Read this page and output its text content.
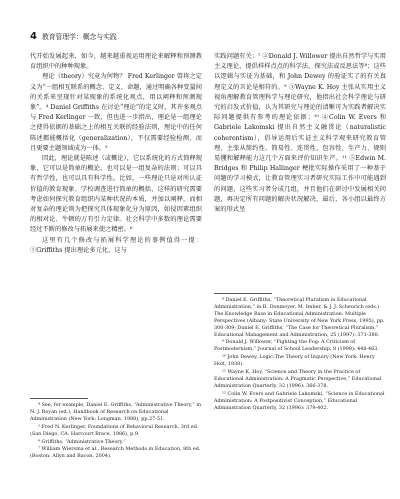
4 教育管理学：概念与实践

代开始发展起来，如今，越来越重视运用理论来解释和预测教育组织中的种种现象。

理论（theory）究竟为何物？ Fred Kerlinger 曾将之定义为“一组相互联系的概念、定义、命题，通过明确各种变量间的关系来呈现针对某现象的系统化观点，用以阐释和预测现象”。⁴ Daniel Griffiths 在讨论“理论”的定义时，其许多观点与 Fred Kerlinger 一致，但也进一步指出，理论是一组理论之使得依据的基础之上的相互关联的经验法则，理论中的任何陈述都能概括化（generalization），不仅需要经验检测，而且更要主题领域成为一体。⁵

因此，理论就是陈述（或概论），它以系统化的方式简释现象，它可以是简单的概论，也可以是一组复杂的法则；可以具有哲学性，也可以具有科学性。比如，一些理论只是对所认证价值的教育现象、学校调查进行简单的概括，这样的研究需要考虑如何探究教育组织内某种状况的本质，并加以阐释，而相对复杂的理论则为把探究具体现象化分为原因，如侵因素组织的相对论、牛顿的万有引力定律。社会科学中多数的理论需要经过不断的修改与拓展来使之精密。⁶

这里有几个修改与拓展科学理论的事例值得一提：①Griffiths 提出理论多元化，这与

实践问题有关；⁷ ②Donald J. Willower 提出自然哲学与实用主义理论，提倡样样点点的科学法，探究法或反思法等⁸；这些以逻辑与实证为基础，和 John Dewey 的验证实了的有关真理定义的言论是相符的。⁹ ③Wayne K. Hoy 主张从实用主义视角理解教育管理科学与理论研究，他指出社会科学理论与研究的启发式价值，认为其研究与理论的清晰可为实践者解决实际问题提供有参考的理论依据；¹⁰ ④Colin W. Evers 和 Gabriele Lakomski 提出自然主义融贯论（naturalistic coherentism），倡导运用后实证主义科学观来研究教育管理，主张从简约性、简易性、连贯性、包容性、生产力、规则易懂和解释能力这几个方面来评价知识生产。¹¹ ⑤Edwin M. Bridges 和 Philip Hallinger 梗批实际操作采用了一种基于问题的学习模式，让教育管理实习者研究实际工作中可能遇到的问题，这些实习者分成几组，并且他们在研讨中发展相关问题，再决定所有问题的解决状况解决，最后，各小组以最终方案的形式呈

⁴ See, for example, Daniel E. Griffiths, “Administrative Theory,” in N. J. Boyan (ed.), Handbook of Research on Educational Administration (New York: Longman, 1988), pp.27-51.

⁵ Fred N. Kerlinger, Foundations of Behavioral Research, 3rd ed. (San Diego, CA: Harcourt Brace, 1986), p.9.

⁶ Griffiths, “Administrative Theory.”

⁷ William Wiersma et al., Research Methods in Education, 8th ed. (Boston: Allyn and Bacon, 2004).

⁸ Daniel E. Griffiths, “Theoretical Pluralism in Educational Administration,” in R. Donmoyer, M. Imber, & J. J. Scheurich (eds.) The Knowledge Base in Educational Administration: Multiple Perspectives (Albany: State University of New York Press, 1995), pp. 300-309; Daniel E. Griffiths, “The Case for Theoretical Pluralism,” Educational Management and Administration, 25 (1997): 371-380.

⁹ Donald J. Willower, “Fighting the Fog: A Criticism of Postmodernism,” Journal of School Leadership, 8 (1998): 448-463.

¹⁰ John Dewey, Logic:The Theory of Inquiry (New York: Henry Holt, 1938).

¹¹ Wayne K. Hoy, “Science and Theory in the Practice of Educational Administration: A Pragmatic Perspective,” Educational Administration Quarterly, 32 (1996): 366-378.

¹² Colin W. Evers and Gabriele Lakomski, “Science in Educational Administration: A Postpositivist Conception,” Educational Administration Quarterly, 32 (1996): 379-402.
